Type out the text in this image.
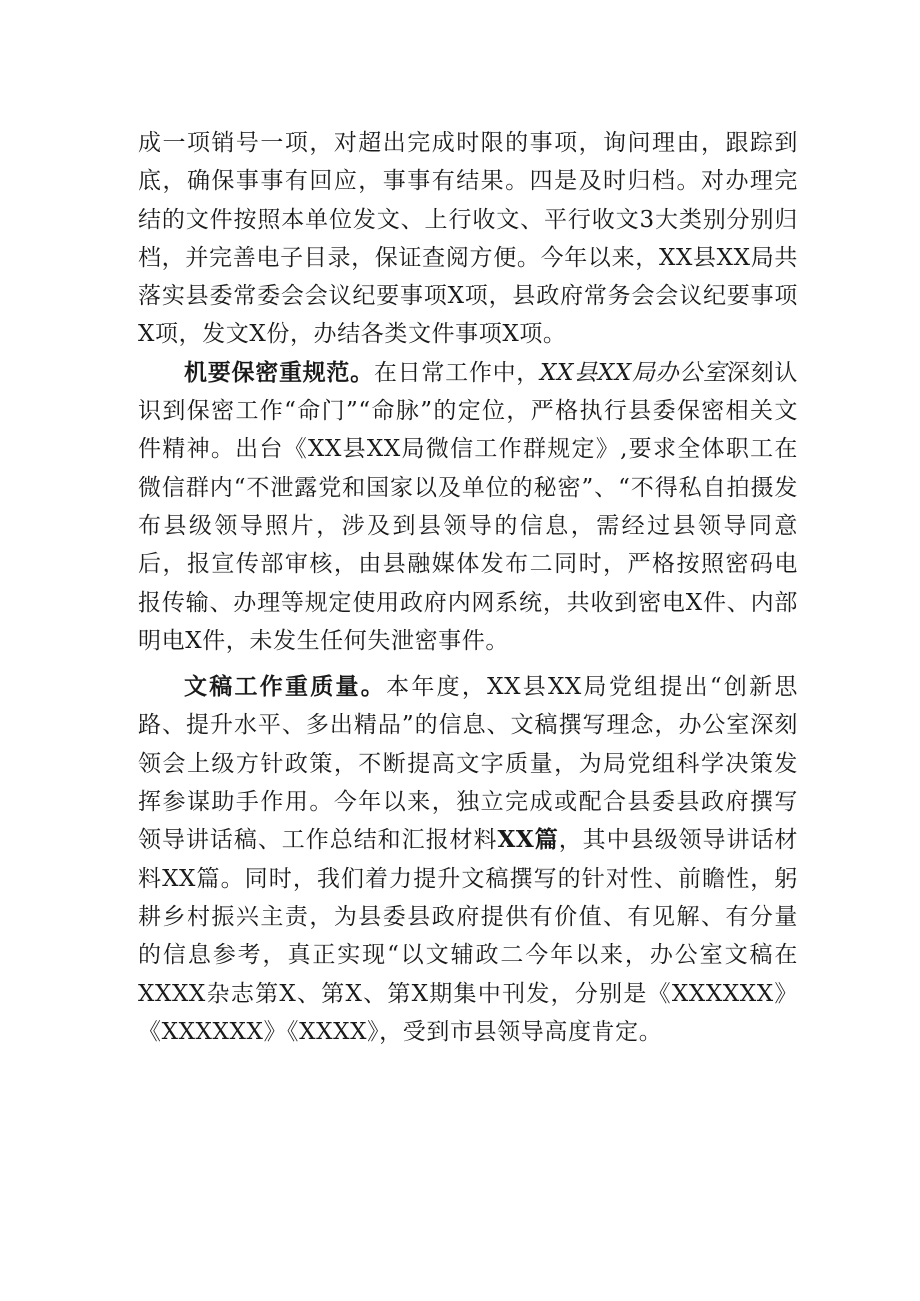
成一项销号一项，对超出完成时限的事项，询问理由，跟踪到底，确保事事有回应，事事有结果。四是及时归档。对办理完结的文件按照本单位发文、上行收文、平行收文3大类别分别归档，并完善电子目录，保证查阅方便。今年以来，XX县XX局共落实县委常委会会议纪要事项X项，县政府常务会会议纪要事项X项，发文X份，办结各类文件事项X项。

机要保密重规范。在日常工作中，XX县XX局办公室深刻认识到保密工作“命门”“命脉”的定位，严格执行县委保密相关文件精神。出台《XX县XX局微信工作群规定》,要求全体职工在微信群内“不泄露党和国家以及单位的秘密”、“不得私自拍摄发布县级领导照片，涉及到县领导的信息，需经过县领导同意后，报宣传部审核，由县融媒体发布二同时，严格按照密码电报传输、办理等规定使用政府内网系统，共收到密电X件、内部明电X件，未发生任何失泄密事件。

文稿工作重质量。本年度，XX县XX局党组提出“创新思路、提升水平、多出精品”的信息、文稿撰写理念，办公室深刻领会上级方针政策，不断提高文字质量，为局党组科学决策发挥参谋助手作用。今年以来，独立完成或配合县委县政府撰写领导讲话稿、工作总结和汇报材料XX篇，其中县级领导讲话材料XX篇。同时，我们着力提升文稿撰写的针对性、前瞻性，躬耕乡村振兴主责，为县委县政府提供有价值、有见解、有分量的信息参考，真正实现“以文辅政二今年以来，办公室文稿在XXXX杂志第X、第X、第X期集中刊发，分别是《XXXXXX》《XXXXXX》《XXXX》，受到市县领导高度肯定。
